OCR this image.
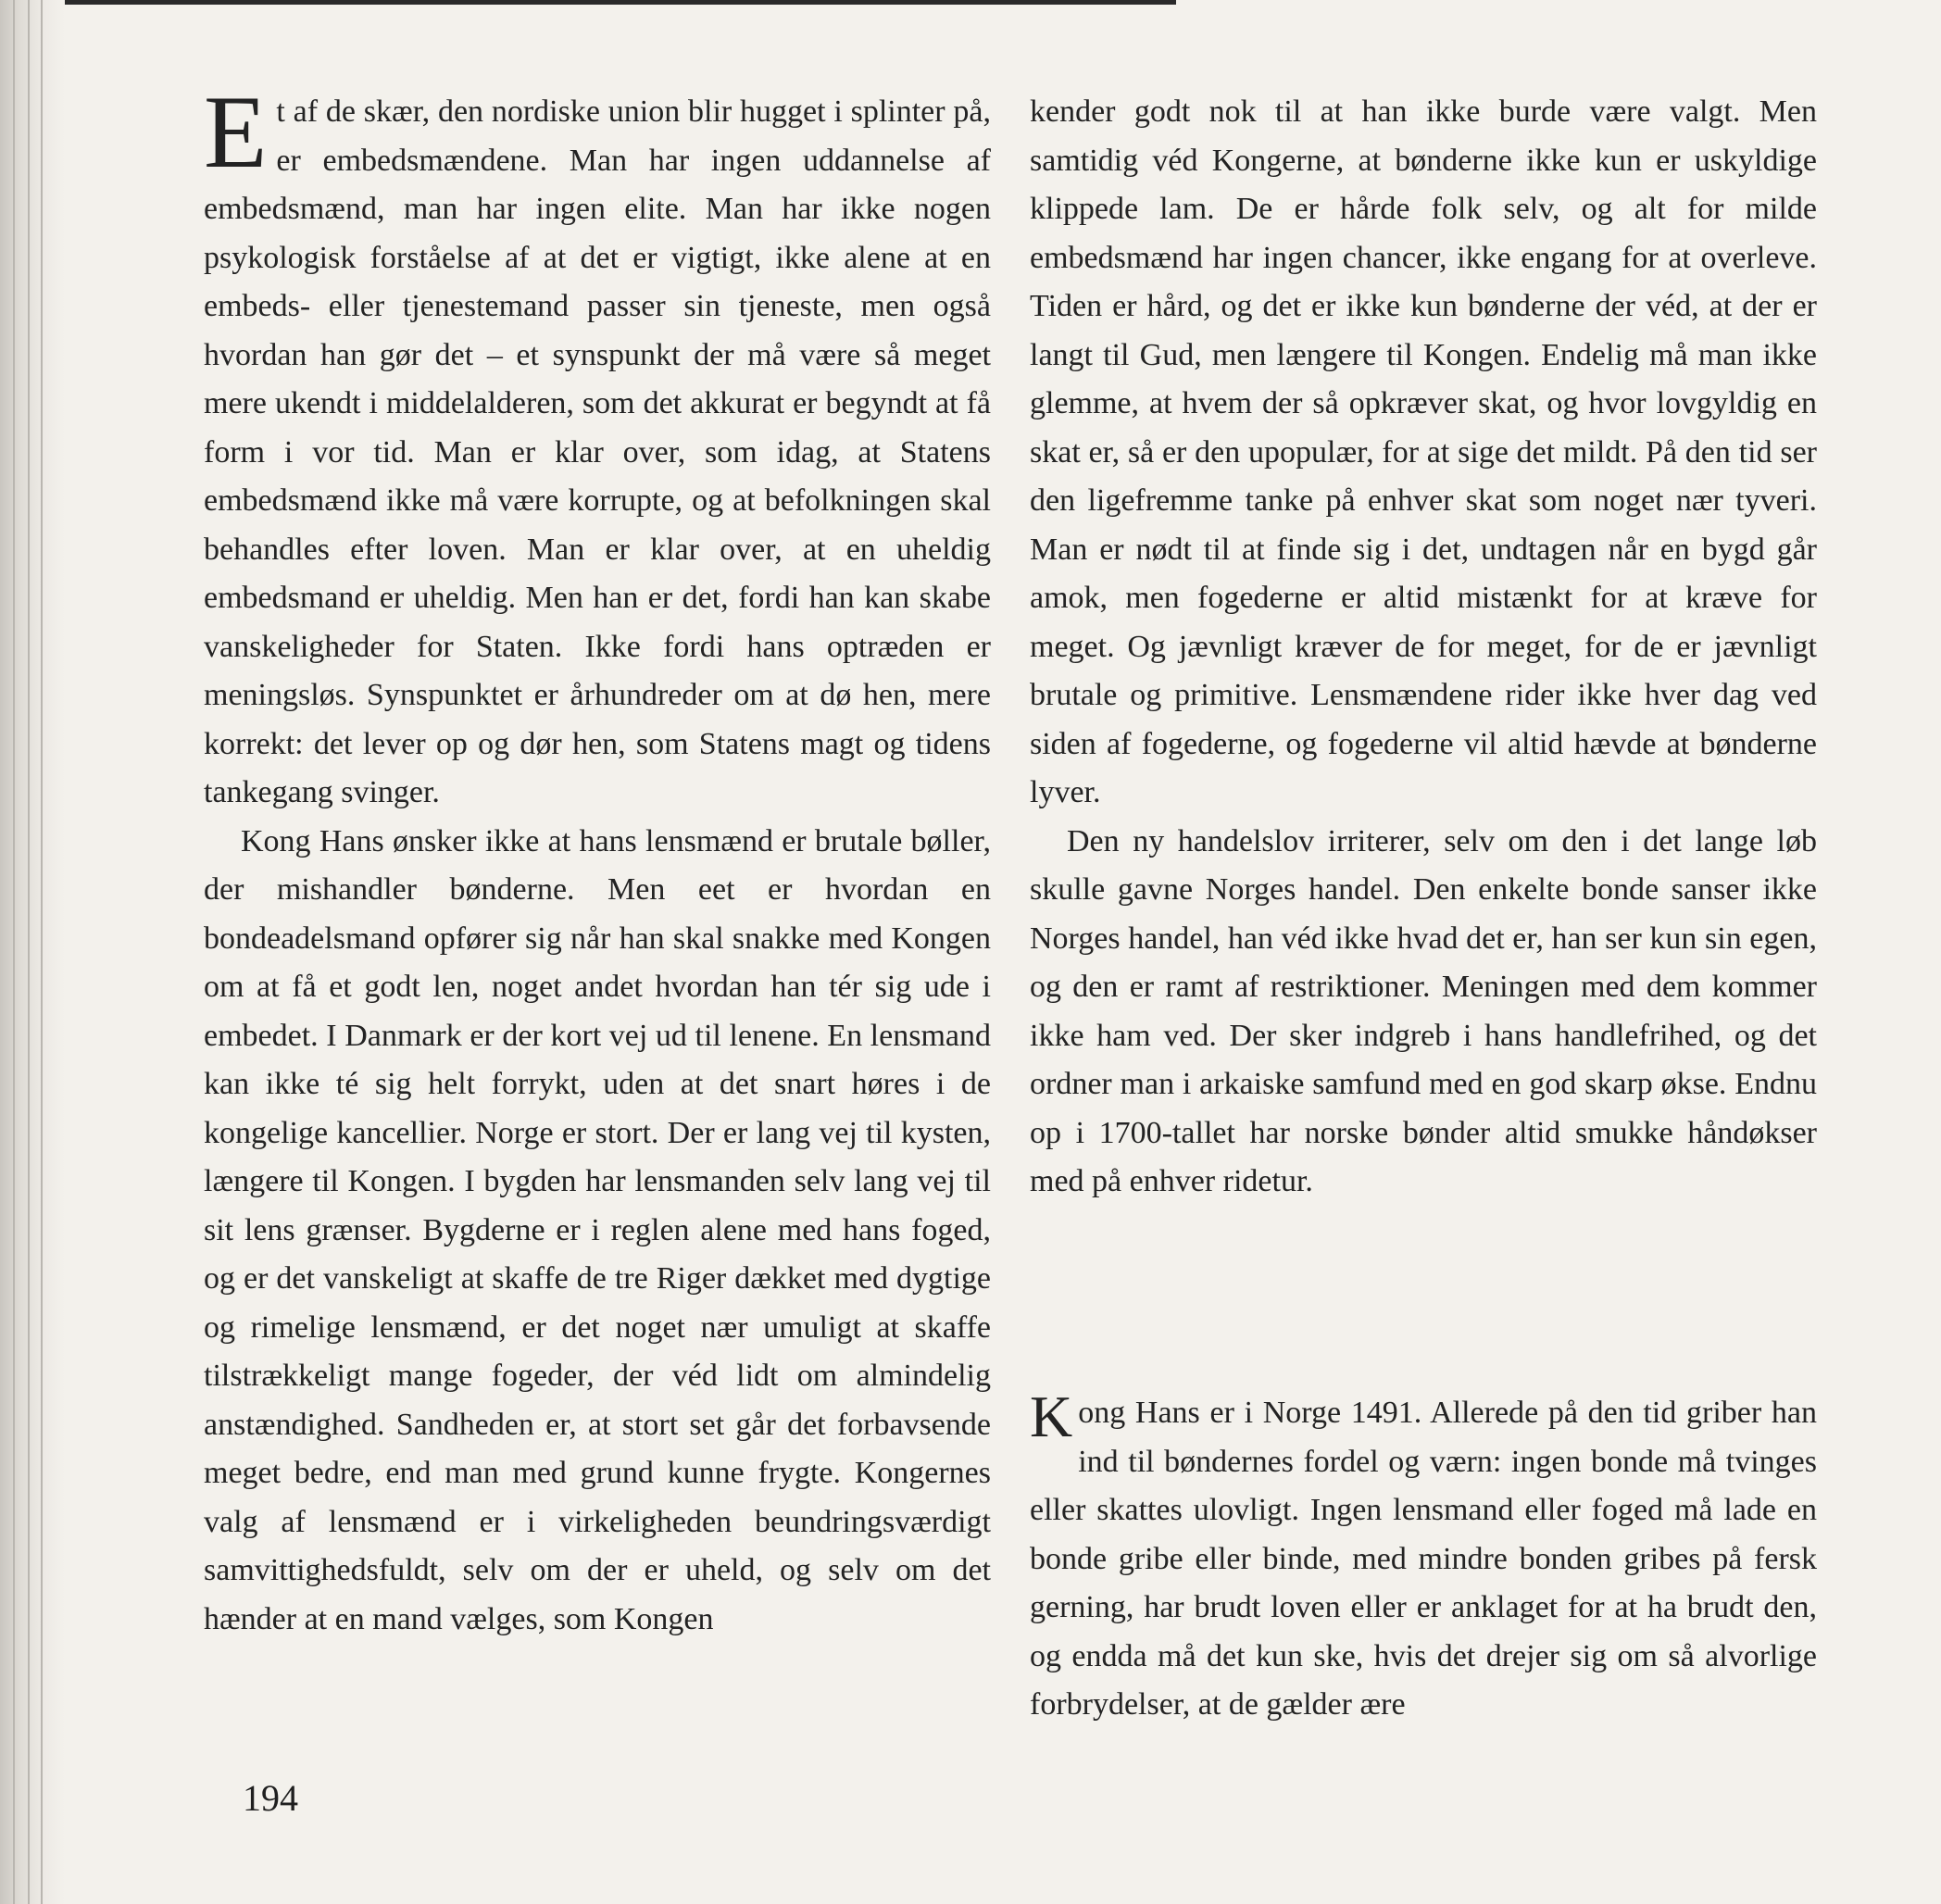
Et af de skær, den nordiske union blir hugget i splinter på, er embedsmændene. Man har ingen uddannelse af embedsmænd, man har ingen elite. Man har ikke nogen psykologisk forståelse af at det er vigtigt, ikke alene at en embeds- eller tjenestemand passer sin tjeneste, men også hvordan han gør det – et synspunkt der må være så meget mere ukendt i middelalderen, som det akkurat er begyndt at få form i vor tid. Man er klar over, som idag, at Statens embedsmænd ikke må være korrupte, og at befolkningen skal behandles efter loven. Man er klar over, at en uheldig embedsmand er uheldig. Men han er det, fordi han kan skabe vanskeligheder for Staten. Ikke fordi hans optræden er meningsløs. Synspunktet er århundreder om at dø hen, mere korrekt: det lever op og dør hen, som Statens magt og tidens tankegang svinger.

Kong Hans ønsker ikke at hans lensmænd er brutale bøller, der mishandler bønderne. Men eet er hvordan en bondeadelsmand opfører sig når han skal snakke med Kongen om at få et godt len, noget andet hvordan han tér sig ude i embedet. I Danmark er der kort vej ud til lenene. En lensmand kan ikke té sig helt forrykt, uden at det snart høres i de kongelige kancellier. Norge er stort. Der er lang vej til kysten, længere til Kongen. I bygden har lensmanden selv lang vej til sit lens grænser. Bygderne er i reglen alene med hans foged, og er det vanskeligt at skaffe de tre Riger dækket med dygtige og rimelige lensmænd, er det noget nær umuligt at skaffe tilstrækkeligt mange fogeder, der véd lidt om almindelig anstændighed. Sandheden er, at stort set går det forbavsende meget bedre, end man med grund kunne frygte. Kongernes valg af lensmænd er i virkeligheden beundringsværdigt samvittighedsfuldt, selv om der er uheld, og selv om det hænder at en mand vælges, som Kongen

kender godt nok til at han ikke burde være valgt. Men samtidig véd Kongerne, at bønderne ikke kun er uskyldige klippede lam. De er hårde folk selv, og alt for milde embedsmænd har ingen chancer, ikke engang for at overleve. Tiden er hård, og det er ikke kun bønderne der véd, at der er langt til Gud, men længere til Kongen. Endelig må man ikke glemme, at hvem der så opkræver skat, og hvor lovgyldig en skat er, så er den upopulær, for at sige det mildt. På den tid ser den ligefremme tanke på enhver skat som noget nær tyveri. Man er nødt til at finde sig i det, undtagen når en bygd går amok, men fogederne er altid mistænkt for at kræve for meget. Og jævnligt kræver de for meget, for de er jævnligt brutale og primitive. Lensmændene rider ikke hver dag ved siden af fogederne, og fogederne vil altid hævde at bønderne lyver.

Den ny handelslov irriterer, selv om den i det lange løb skulle gavne Norges handel. Den enkelte bonde sanser ikke Norges handel, han véd ikke hvad det er, han ser kun sin egen, og den er ramt af restriktioner. Meningen med dem kommer ikke ham ved. Der sker indgreb i hans handlefrihed, og det ordner man i arkaiske samfund med en god skarp økse. Endnu op i 1700-tallet har norske bønder altid smukke håndøkser med på enhver ridetur.

Kong Hans er i Norge 1491. Allerede på den tid griber han ind til bøndernes fordel og værn: ingen bonde må tvinges eller skattes ulovligt. Ingen lensmand eller foged må lade en bonde gribe eller binde, med mindre bonden gribes på fersk gerning, har brudt loven eller er anklaget for at ha brudt den, og endda må det kun ske, hvis det drejer sig om så alvorlige forbrydelser, at de gælder ære

194
